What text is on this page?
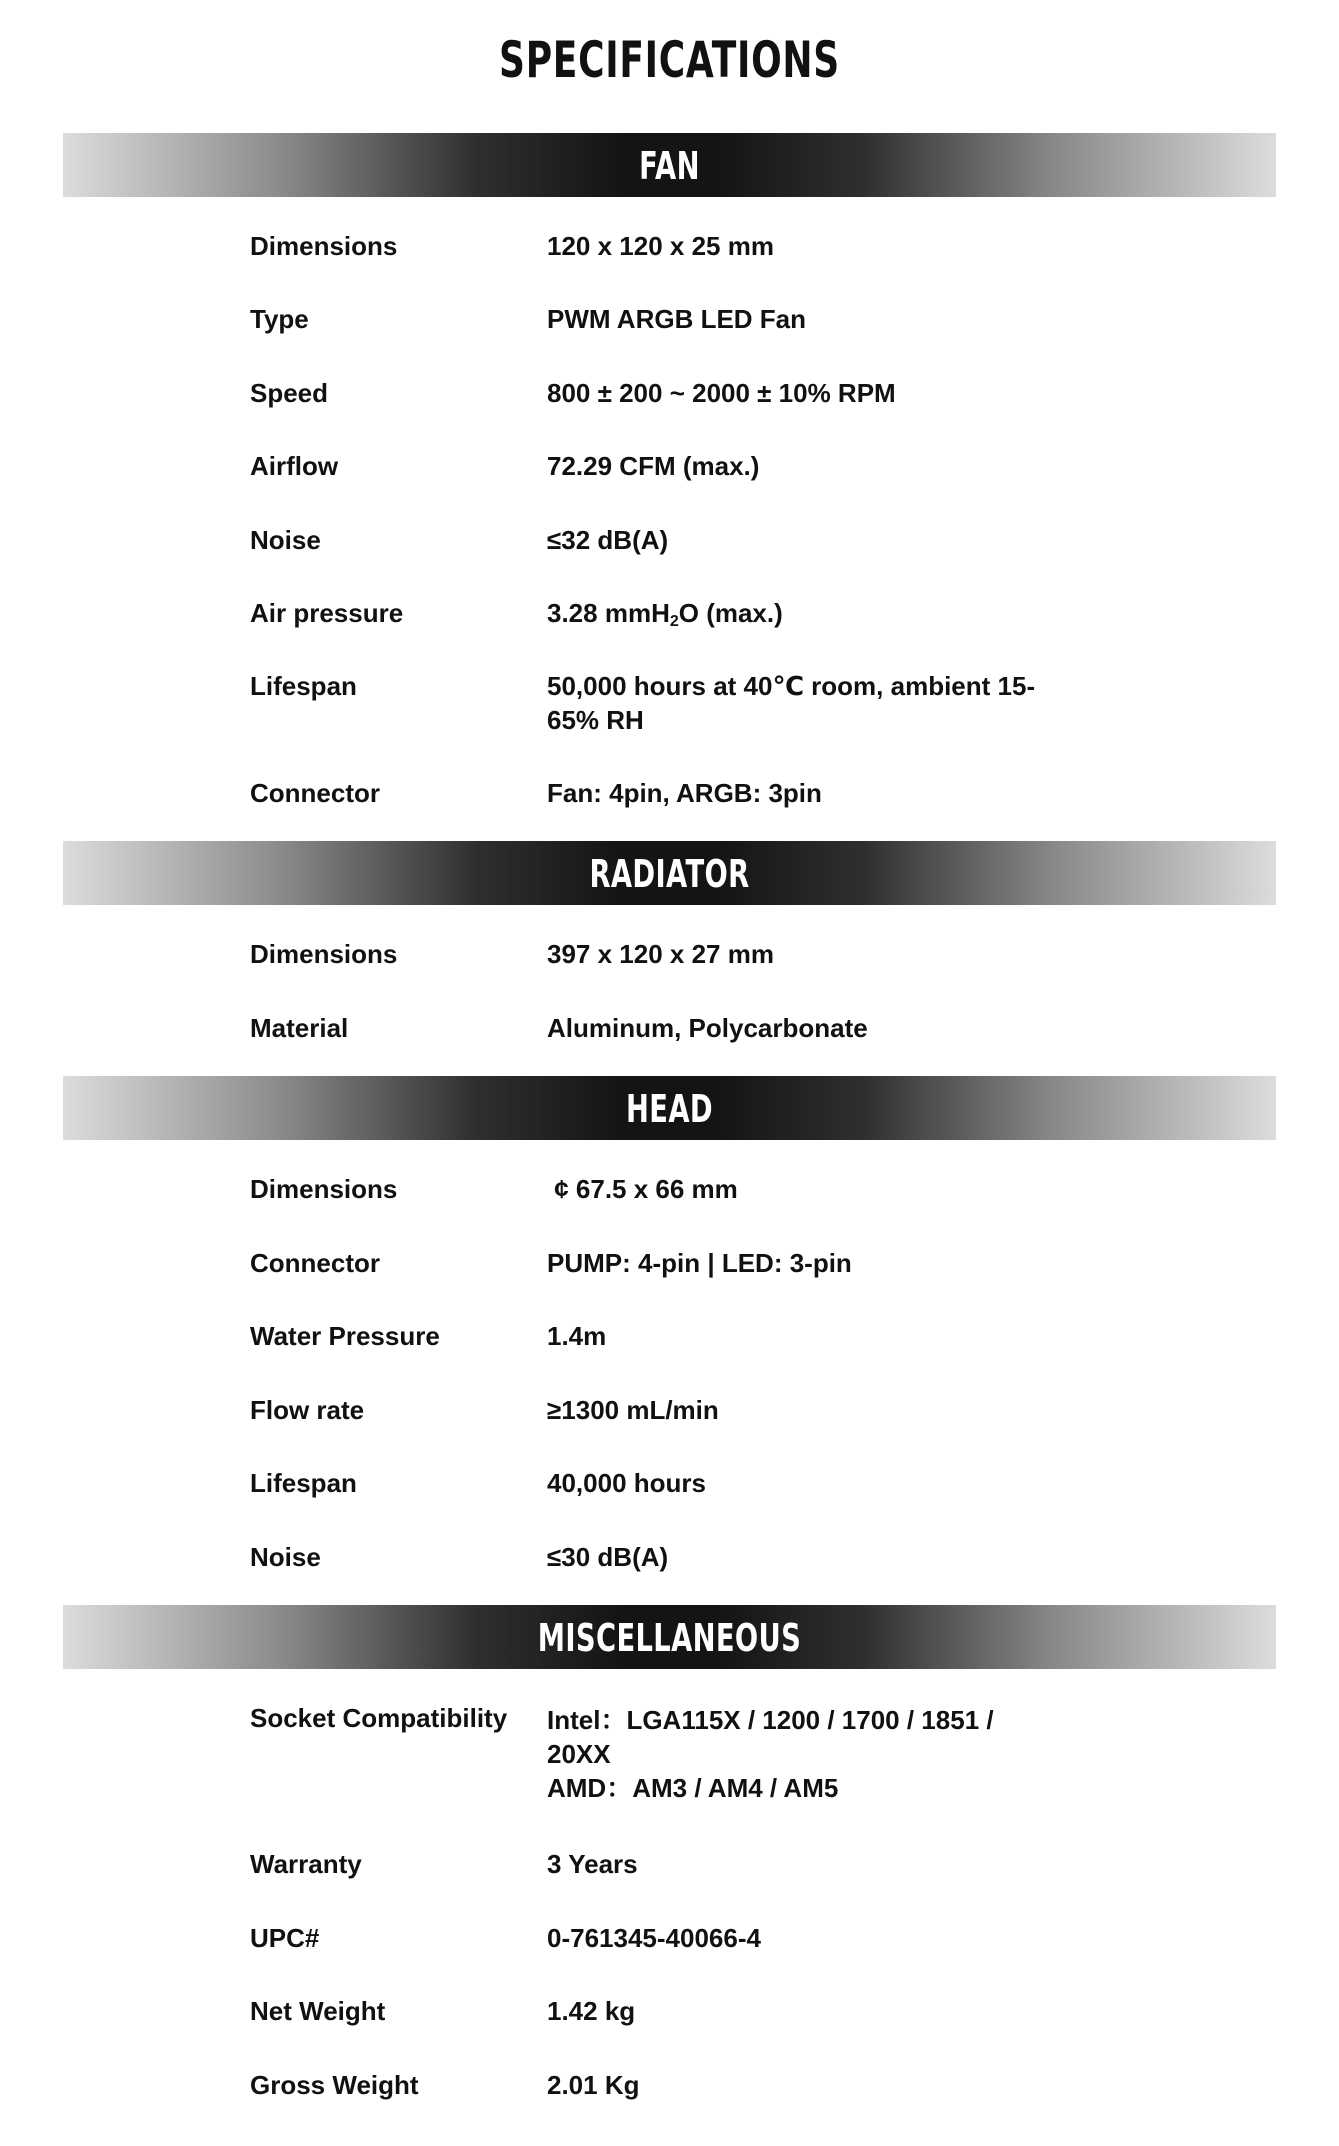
SPECIFICATIONS
FAN
Dimensions	120 x 120 x 25 mm
Type	PWM ARGB LED Fan
Speed	800 ± 200 ~ 2000 ± 10% RPM
Airflow	72.29 CFM (max.)
Noise	≤32 dB(A)
Air pressure	3.28 mmH$_2$O (max.)
Lifespan	50,000 hours at 40℃ room, ambient 15-
65% RH
Connector	Fan: 4pin, ARGB: 3pin
RADIATOR
Dimensions	397 x 120 x 27 mm
Material	Aluminum, Polycarbonate
HEAD
Dimensions	¢ 67.5 x 66 mm
Connector	PUMP: 4-pin | LED: 3-pin
Water Pressure	1.4m
Flow rate	≥1300 mL/min
Lifespan	40,000 hours
Noise	≤30 dB(A)
MISCELLANEOUS
Socket Compatibility	Intel：LGA115X / 1200 / 1700 / 1851 /
20XX
AMD：AM3 / AM4 / AM5
Warranty	3 Years
UPC#	0-761345-40066-4
Net Weight	1.42 kg
Gross Weight	2.01 Kg
